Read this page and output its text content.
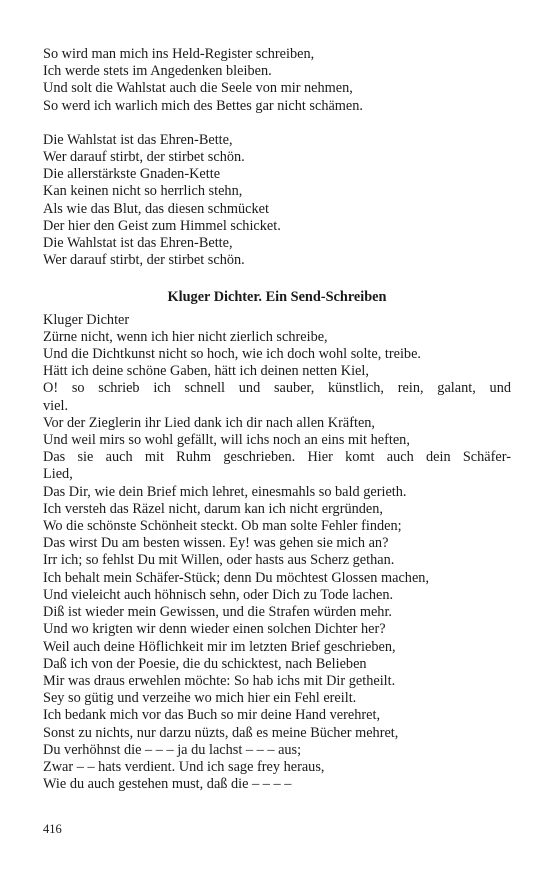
So wird man mich ins Held-Register schreiben,
Ich werde stets im Angedenken bleiben.
Und solt die Wahlstat auch die Seele von mir nehmen,
So werd ich warlich mich des Bettes gar nicht schämen.
Die Wahlstat ist das Ehren-Bette,
Wer darauf stirbt, der stirbet schön.
Die allerstärkste Gnaden-Kette
Kan keinen nicht so herrlich stehn,
Als wie das Blut, das diesen schmücket
Der hier den Geist zum Himmel schicket.
Die Wahlstat ist das Ehren-Bette,
Wer darauf stirbt, der stirbet schön.
Kluger Dichter. Ein Send-Schreiben
Kluger Dichter
Zürne nicht, wenn ich hier nicht zierlich schreibe,
Und die Dichtkunst nicht so hoch, wie ich doch wohl solte, treibe.
Hätt ich deine schöne Gaben, hätt ich deinen netten Kiel,
O! so schrieb ich schnell und sauber, künstlich, rein, galant, und
viel.
Vor der Zieglerin ihr Lied dank ich dir nach allen Kräften,
Und weil mirs so wohl gefällt, will ichs noch an eins mit heften,
Das sie auch mit Ruhm geschrieben. Hier komt auch dein Schäfer-
Lied,
Das Dir, wie dein Brief mich lehret, einesmahls so bald gerieth.
Ich versteh das Räzel nicht, darum kan ich nicht ergründen,
Wo die schönste Schönheit steckt. Ob man solte Fehler finden;
Das wirst Du am besten wissen. Ey! was gehen sie mich an?
Irr ich; so fehlst Du mit Willen, oder hasts aus Scherz gethan.
Ich behalt mein Schäfer-Stück; denn Du möchtest Glossen machen,
Und vieleicht auch höhnisch sehn, oder Dich zu Tode lachen.
Diß ist wieder mein Gewissen, und die Strafen würden mehr.
Und wo krigten wir denn wieder einen solchen Dichter her?
Weil auch deine Höflichkeit mir im letzten Brief geschrieben,
Daß ich von der Poesie, die du schicktest, nach Belieben
Mir was draus erwehlen möchte: So hab ichs mit Dir getheilt.
Sey so gütig und verzeihe wo mich hier ein Fehl ereilt.
Ich bedank mich vor das Buch so mir deine Hand verehret,
Sonst zu nichts, nur darzu nüzts, daß es meine Bücher mehret,
Du verhöhnst die – – – ja du lachst – – – aus;
Zwar – – hats verdient. Und ich sage frey heraus,
Wie du auch gestehen must, daß die – – – –
416
